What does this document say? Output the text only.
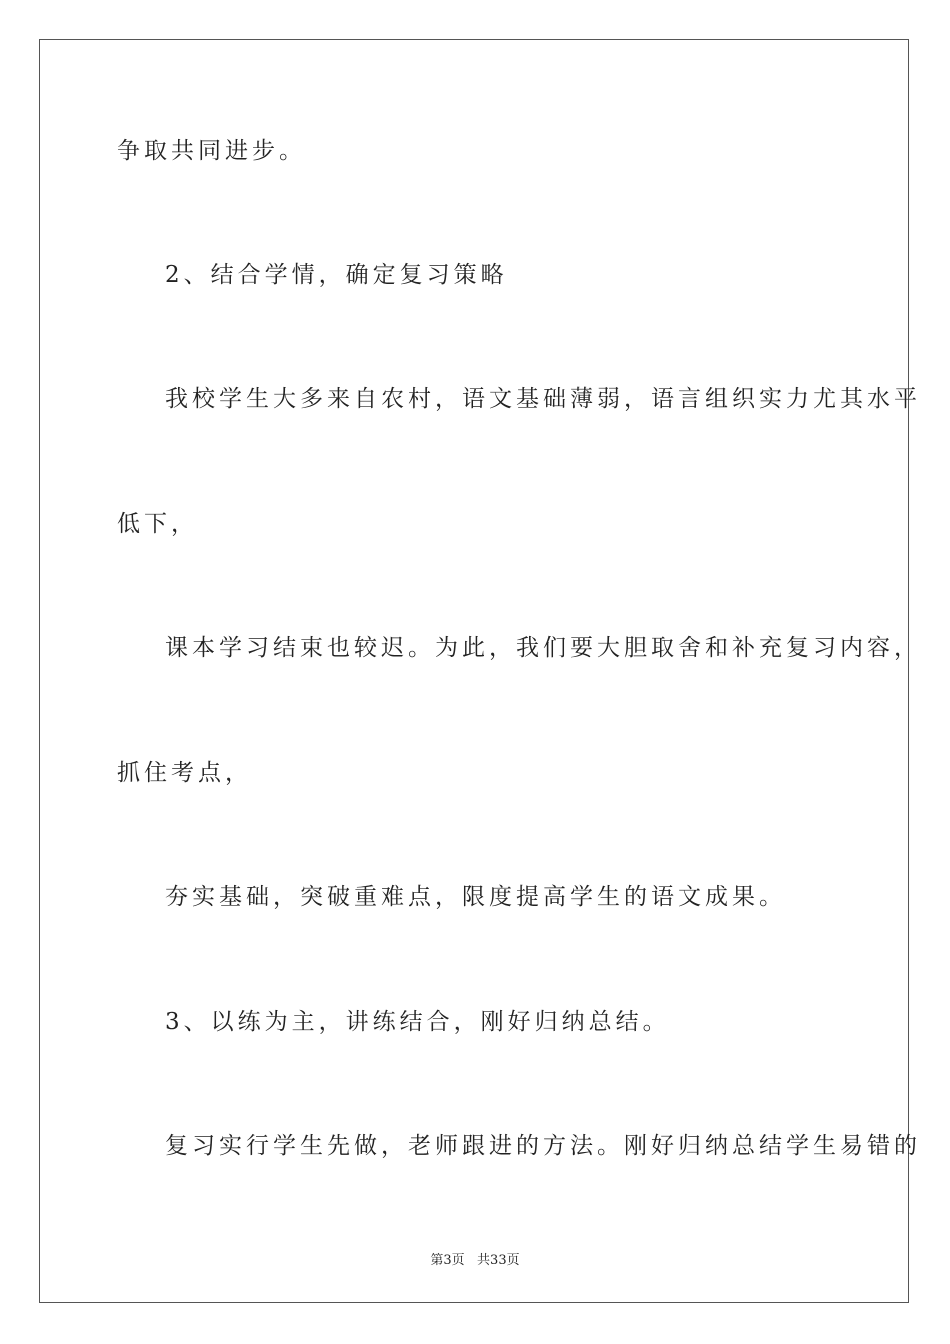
争取共同进步。
2、结合学情，确定复习策略
我校学生大多来自农村，语文基础薄弱，语言组织实力尤其水平
低下，
课本学习结束也较迟。为此，我们要大胆取舍和补充复习内容，
抓住考点，
夯实基础，突破重难点，限度提高学生的语文成果。
3、以练为主，讲练结合，刚好归纳总结。
复习实行学生先做，老师跟进的方法。刚好归纳总结学生易错的
第3页   共33页
